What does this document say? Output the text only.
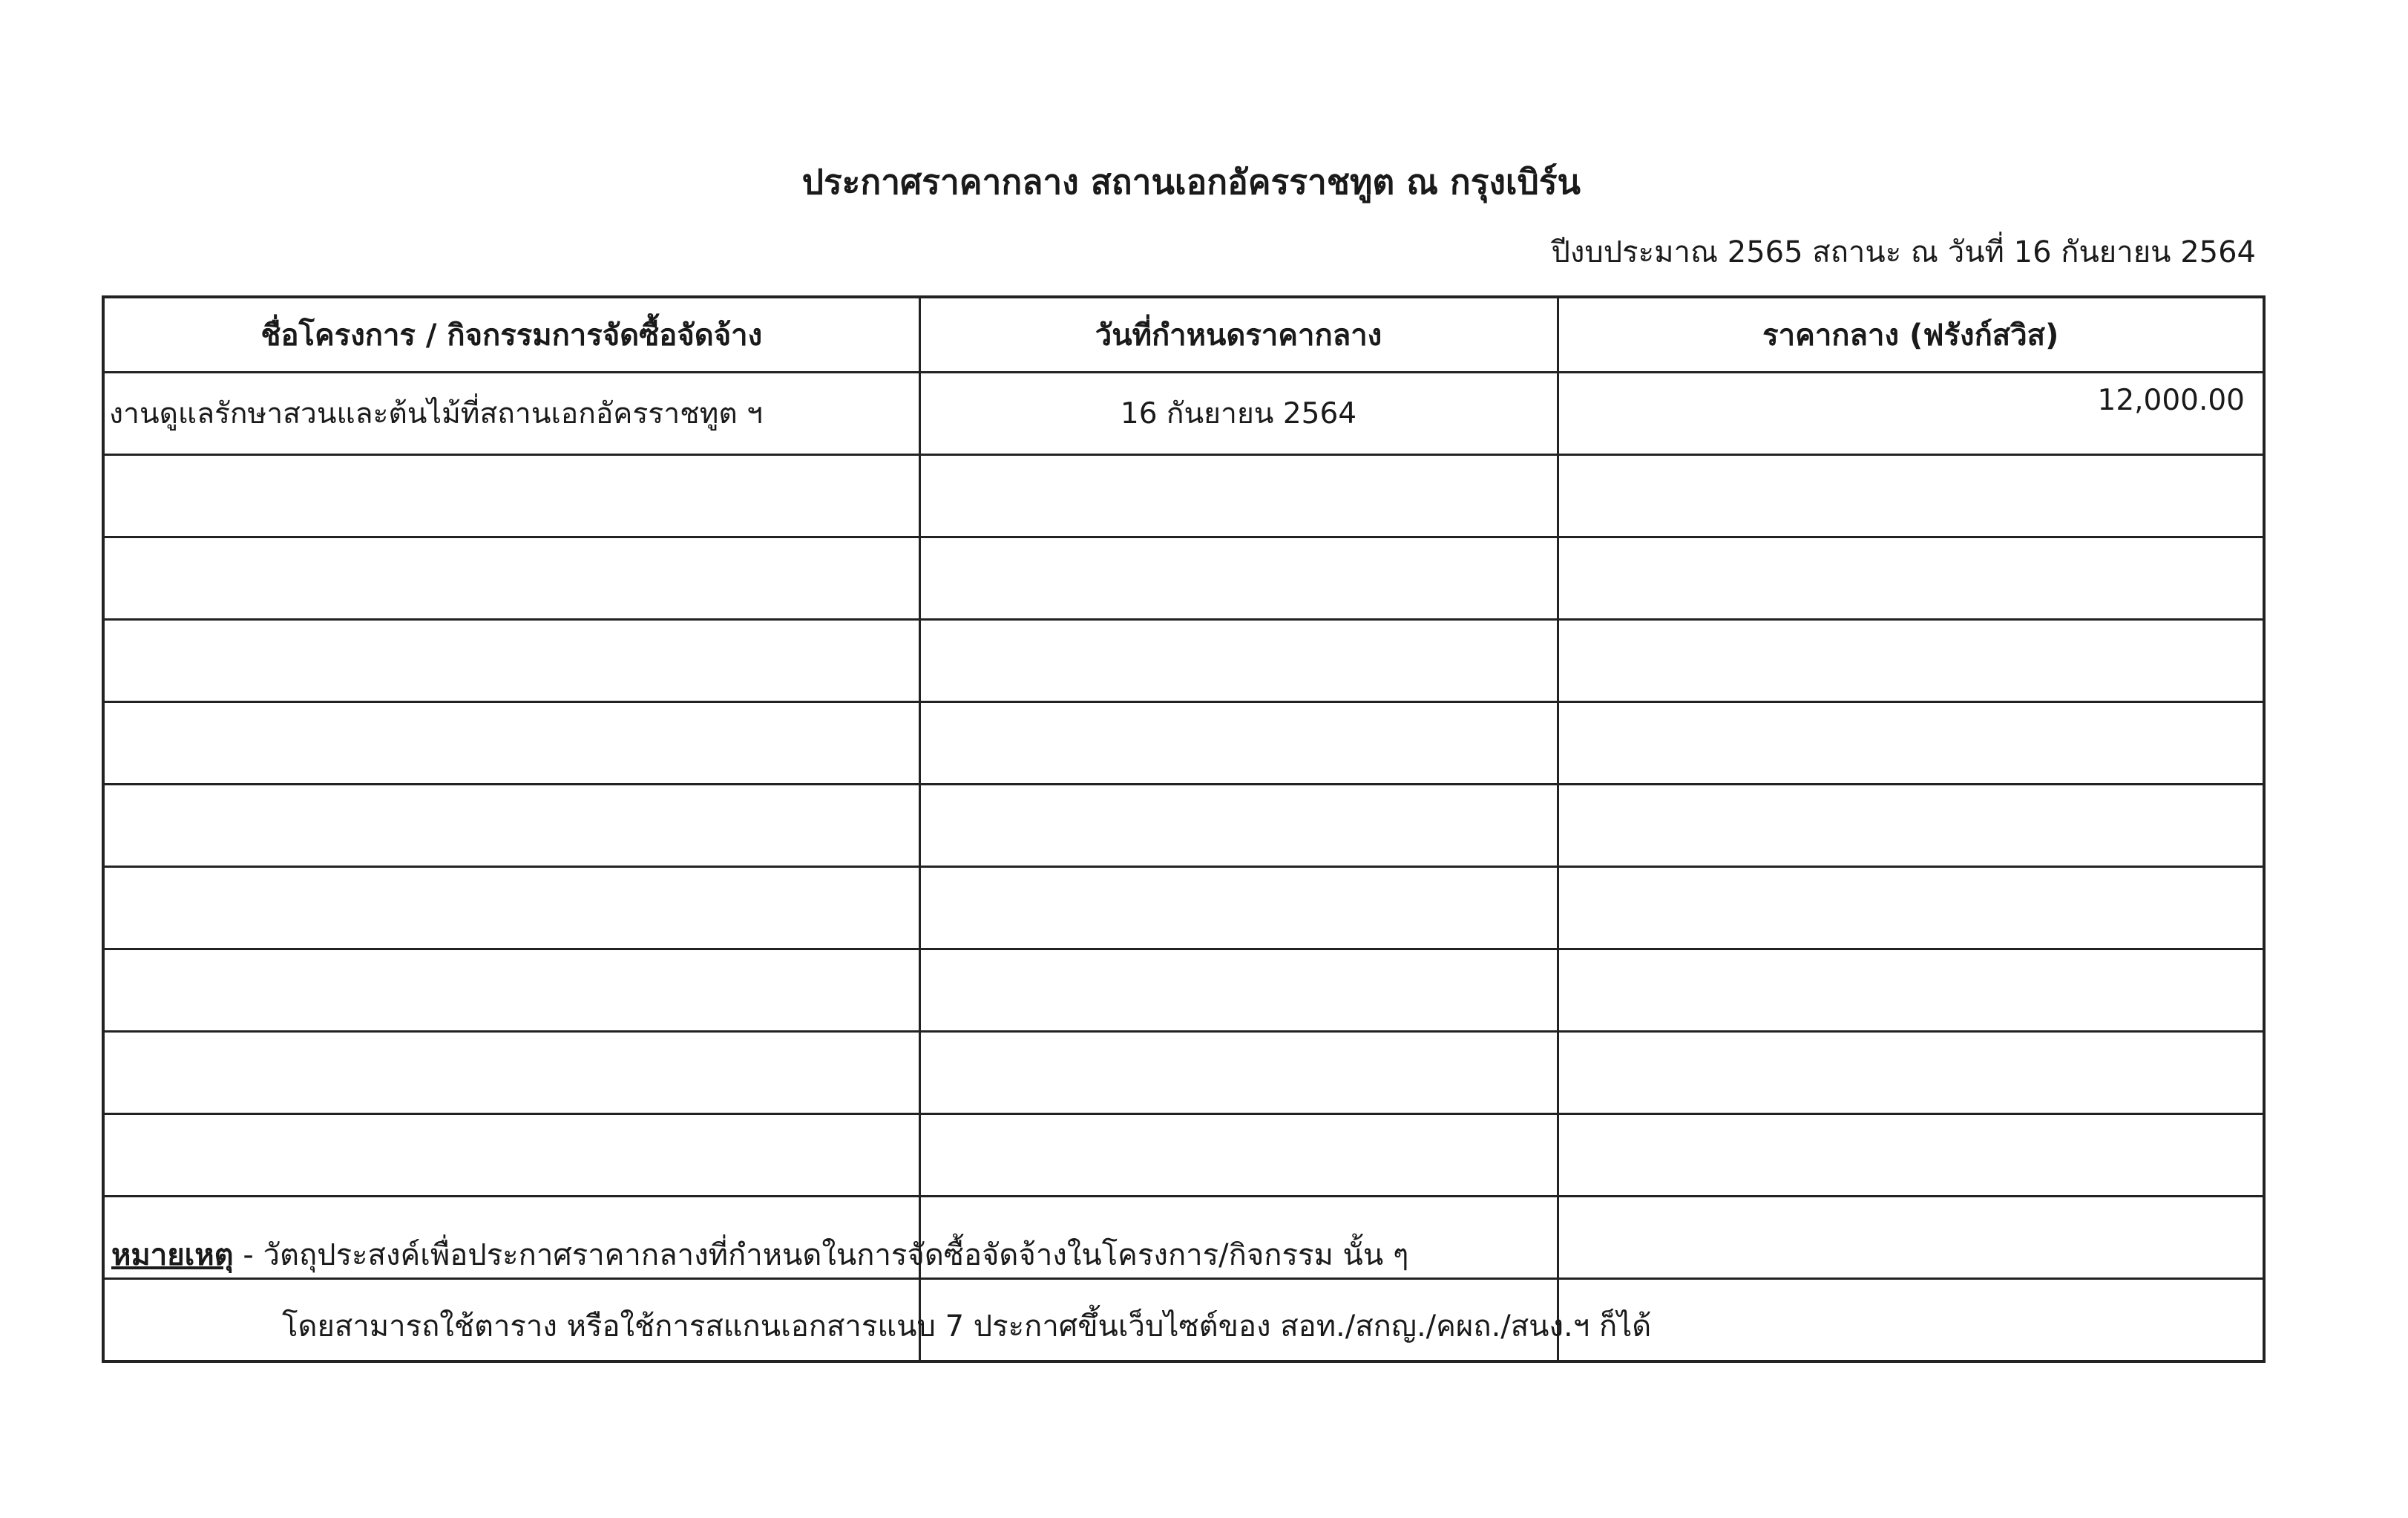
ประกาศราคากลาง สถานเอกอัครราชทูต ณ กรุงเบิร์น
ปีงบประมาณ 2565 สถานะ ณ วันที่ 16 กันยายน 2564
ชื่อโครงการ / กิจกรรมการจัดซื้อจัดจ้าง	วันที่กำหนดราคากลาง	ราคากลาง (ฟรังก์สวิส)
งานดูแลรักษาสวนและต้นไม้ที่สถานเอกอัครราชทูต ฯ	16 กันยายน 2564	12,000.00

หมายเหตุ - วัตถุประสงค์เพื่อประกาศราคากลางที่กำหนดในการจัดซื้อจัดจ้างในโครงการ/กิจกรรม นั้น ๆ
โดยสามารถใช้ตาราง หรือใช้การสแกนเอกสารแนบ 7 ประกาศขึ้นเว็บไซต์ของ สอท./สกญ./คผถ./สนง.ฯ ก็ได้
